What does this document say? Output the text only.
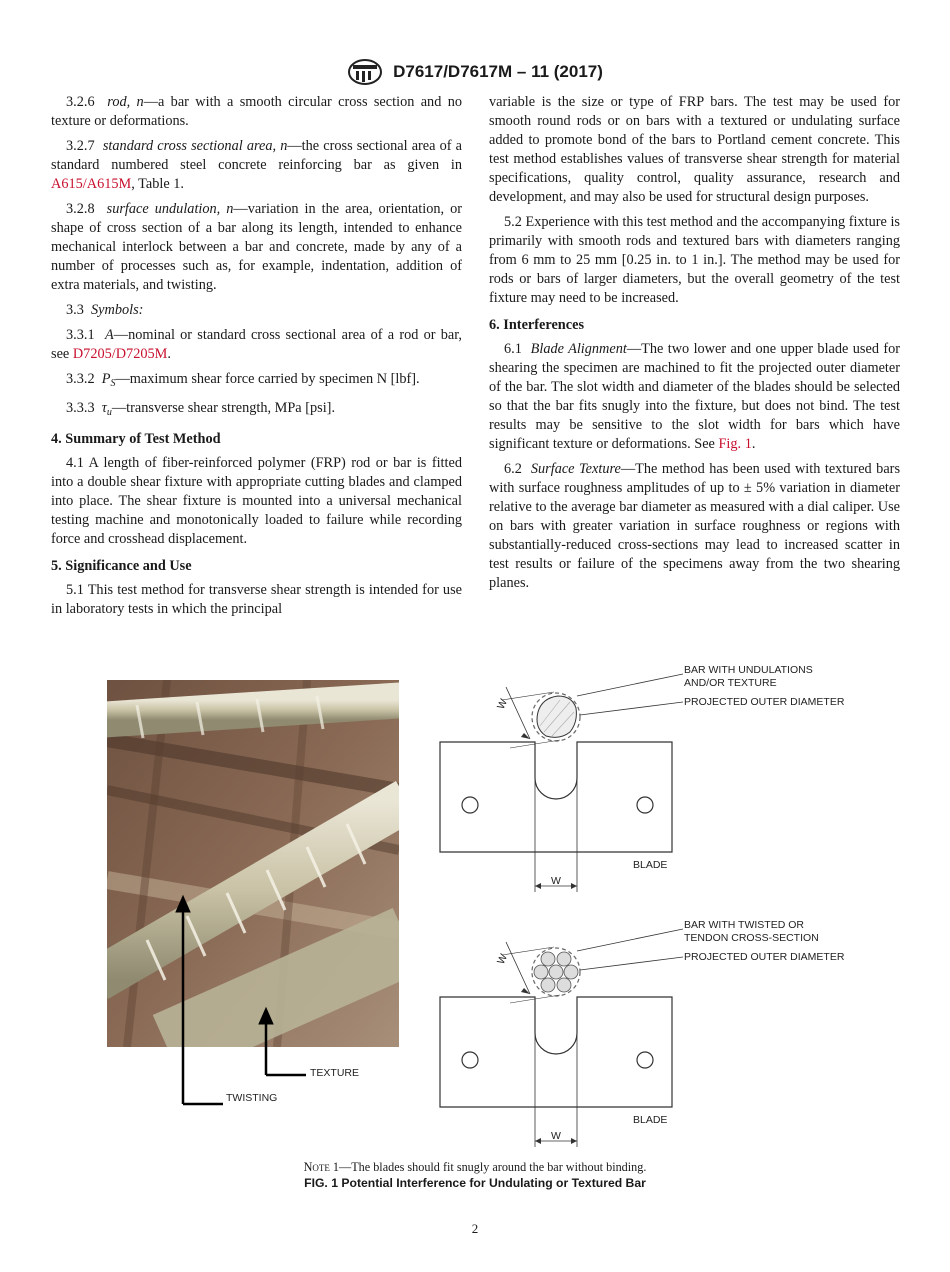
D7617/D7617M – 11 (2017)

3.2.6 rod, n—a bar with a smooth circular cross section and no texture or deformations.

3.2.7 standard cross sectional area, n—the cross sectional area of a standard numbered steel concrete reinforcing bar as given in A615/A615M, Table 1.

3.2.8 surface undulation, n—variation in the area, orientation, or shape of cross section of a bar along its length, intended to enhance mechanical interlock between a bar and concrete, made by any of a number of processes such as, for example, indentation, addition of extra materials, and twisting.

3.3 Symbols:

3.3.1 A—nominal or standard cross sectional area of a rod or bar, see D7205/D7205M.

3.3.2 $P_S—maximum$ shear force carried by specimen N [lbf].

3.3.3 $\tau_u—transverse$ shear strength, MPa [psi].

4. Summary of Test Method

4.1 A length of fiber-reinforced polymer (FRP) rod or bar is fitted into a double shear fixture with appropriate cutting blades and clamped into place. The shear fixture is mounted into a universal mechanical testing machine and monotonically loaded to failure while recording force and crosshead displacement.

5. Significance and Use

5.1 This test method for transverse shear strength is intended for use in laboratory tests in which the principal

variable is the size or type of FRP bars. The test may be used for smooth round rods or on bars with a textured or undulating surface added to promote bond of the bars to Portland cement concrete. This test method establishes values of transverse shear strength for material specifications, quality control, quality assurance, research and development, and may also be used for structural design purposes.

5.2 Experience with this test method and the accompanying fixture is primarily with smooth rods and textured bars with diameters ranging from 6 mm to 25 mm [0.25 in. to 1 in.]. The method may be used for rods or bars of larger diameters, but the overall geometry of the test fixture may need to be increased.

6. Interferences

6.1 Blade Alignment—The two lower and one upper blade used for shearing the specimen are machined to fit the projected outer diameter of the bar. The slot width and diameter of the blades should be selected so that the bar fits snugly into the fixture, but does not bind. The test results may be sensitive to the slot width for bars which have significant texture or deformations. See Fig. 1.

6.2 Surface Texture—The method has been used with textured bars with surface roughness amplitudes of up to ± 5% variation in diameter relative to the average bar diameter as measured with a dial caliper. Use on bars with greater variation in surface roughness or regions with substantially-reduced cross-sections may lead to increased scatter in test results or failure of the specimens away from the two shearing planes.

TEXTURE
TWISTING
BAR WITH UNDULATIONS
AND/OR TEXTURE
PROJECTED OUTER DIAMETER
BLADE
W
W
BAR WITH TWISTED OR
TENDON CROSS-SECTION
PROJECTED OUTER DIAMETER
BLADE
W
W
Note 1—The blades should fit snugly around the bar without binding.
FIG. 1 Potential Interference for Undulating or Textured Bar
2
